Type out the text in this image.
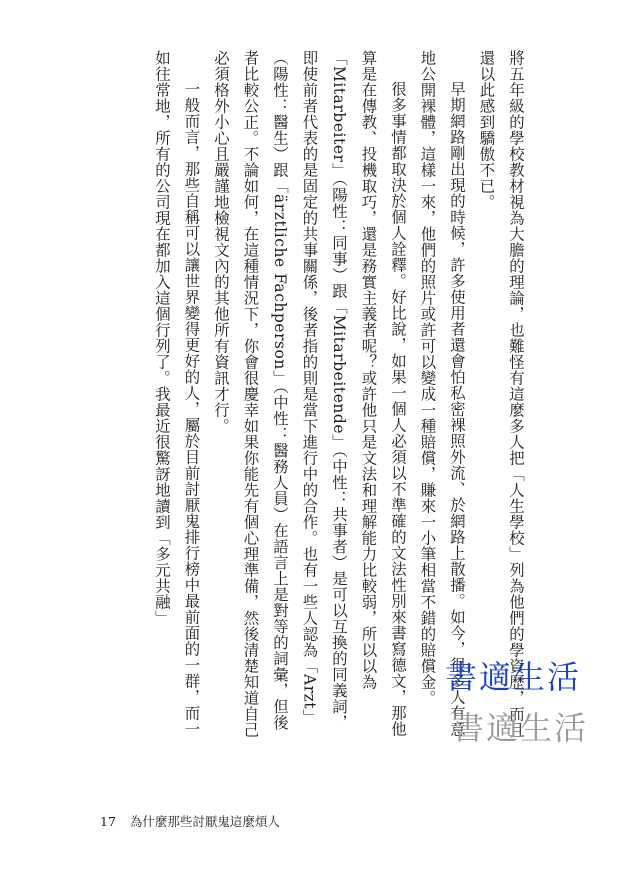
將五年級的學校教材視為大膽的理論，也難怪有這麼多人把「人生學校」列為他們的學資歷，而且還以此感到驕傲不已。

早期網路剛出現的時候，許多使用者還會怕私密裸照外流、於網路上散播。如今，很多人有意地公開裸體，這樣一來，他們的照片或許可以變成一種賠償，賺來一小筆相當不錯的賠償金。

很多事情都取決於個人詮釋。好比說，如果一個人必須以不準確的文法性別來書寫德文，那他算是在傳教、投機取巧，還是務實主義者呢？或許他只是文法和理解能力比較弱，所以以為「Mitarbeiter」（陽性：同事）跟「Mitarbeitende」（中性：共事者）是可以互換的同義詞，即使前者代表的是固定的共事關係，後者指的則是當下進行中的合作。也有一些人認為「Arzt」（陽性：醫生）跟「ärztliche Fachperson」（中性：醫務人員）在語言上是對等的詞彙，但後者比較公正。不論如何，在這種情況下，你會很慶幸如果你能先有個心理準備，然後清楚知道自己必須格外小心且嚴謹地檢視文內的其他所有資訊才行。

一般而言，那些自稱可以讓世界變得更好的人，屬於目前討厭鬼排行榜中最前面的一群，而一如往常地，所有的公司現在都加入這個行列了。我最近很驚訝地讀到「多元共融」

書適生活
書適生活
17 為什麼那些討厭鬼這麼煩人
